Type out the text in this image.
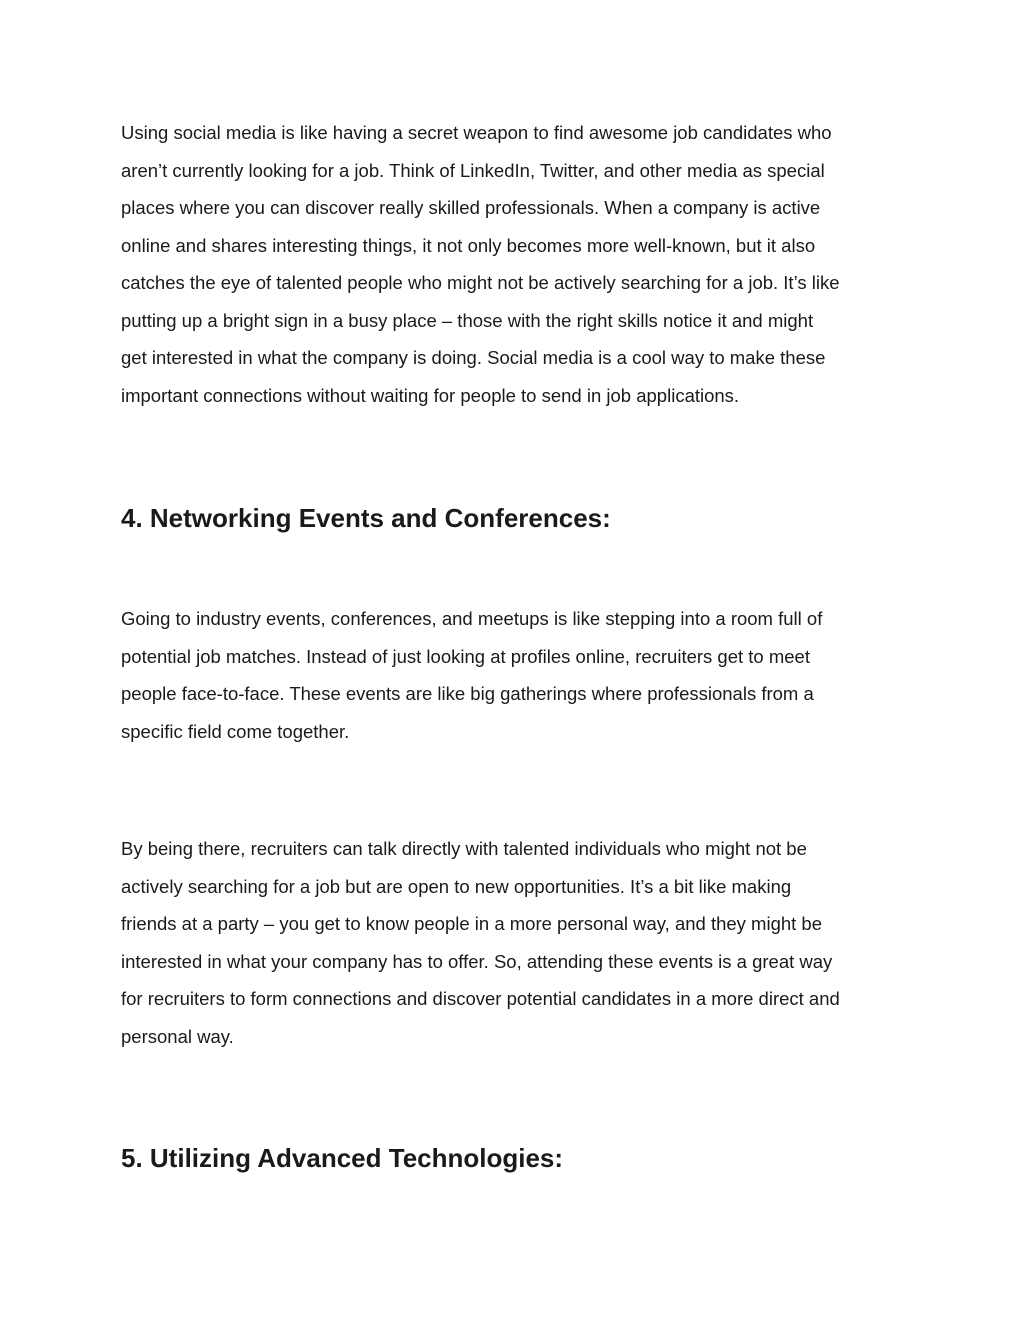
Using social media is like having a secret weapon to find awesome job candidates who
aren’t currently looking for a job. Think of LinkedIn, Twitter, and other media as special
places where you can discover really skilled professionals. When a company is active
online and shares interesting things, it not only becomes more well-known, but it also
catches the eye of talented people who might not be actively searching for a job. It’s like
putting up a bright sign in a busy place – those with the right skills notice it and might
get interested in what the company is doing. Social media is a cool way to make these
important connections without waiting for people to send in job applications.

4. Networking Events and Conferences:

Going to industry events, conferences, and meetups is like stepping into a room full of
potential job matches. Instead of just looking at profiles online, recruiters get to meet
people face-to-face. These events are like big gatherings where professionals from a
specific field come together.

By being there, recruiters can talk directly with talented individuals who might not be
actively searching for a job but are open to new opportunities. It’s a bit like making
friends at a party – you get to know people in a more personal way, and they might be
interested in what your company has to offer. So, attending these events is a great way
for recruiters to form connections and discover potential candidates in a more direct and
personal way.

5. Utilizing Advanced Technologies:
